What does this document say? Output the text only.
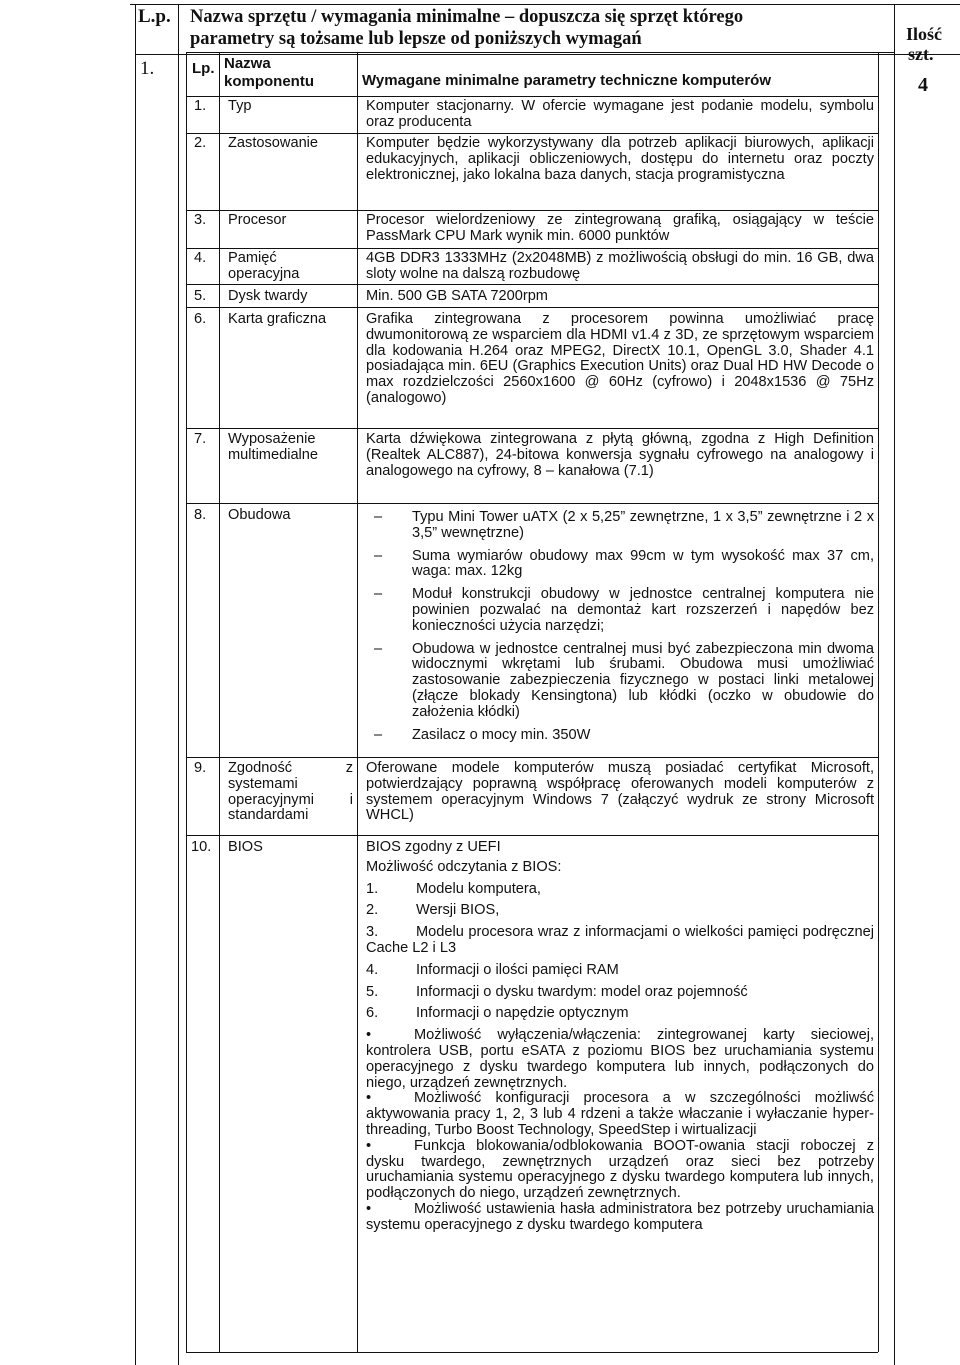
L.p. Nazwa sprzętu / wymagania minimalne – dopuszcza się sprzęt którego parametry są tożsame lub lepsze od poniższych wymagań	Ilość
szt.
1.
4
Lp. Nazwa komponentu	Wymagane minimalne parametry techniczne komputerów
1. Typ	Komputer stacjonarny. W ofercie wymagane jest podanie modelu, symbolu oraz producenta
2. Zastosowanie	Komputer będzie wykorzystywany dla potrzeb aplikacji biurowych, aplikacji edukacyjnych, aplikacji obliczeniowych, dostępu do internetu oraz poczty elektronicznej, jako lokalna baza danych, stacja programistyczna
3. Procesor	Procesor wielordzeniowy ze zintegrowaną grafiką, osiągający w teście PassMark CPU Mark wynik min. 6000 punktów
4. Pamięć operacyjna
4GB DDR3 1333MHz (2x2048MB) z możliwością obsługi do min. 16 GB, dwa sloty wolne na dalszą rozbudowę
5. Dysk twardy	Min. 500 GB SATA 7200rpm
6. Karta graficzna	Grafika zintegrowana z procesorem powinna umożliwiać pracę dwumonitorową ze wsparciem dla HDMI v1.4 z 3D, ze sprzętowym wsparciem dla kodowania H.264 oraz MPEG2, DirectX 10.1, OpenGL 3.0, Shader 4.1 posiadająca min. 6EU (Graphics Execution Units) oraz Dual HD HW Decode o max rozdzielczości 2560x1600 @ 60Hz (cyfrowo) i 2048x1536 @ 75Hz (analogowo)
7. Wyposażenie multimedialne
Karta dźwiękowa zintegrowana z płytą główną, zgodna z High Definition (Realtek ALC887), 24-bitowa konwersja sygnału cyfrowego na analogowy i analogowego na cyfrowy, 8 – kanałowa (7.1)
8. Obudowa
–	Typu Mini Tower uATX (2 x 5,25” zewnętrzne, 1 x 3,5” zewnętrzne i 2 x 3,5” wewnętrzne)
– Suma wymiarów obudowy max 99cm w tym wysokość max 37 cm, waga: max. 12kg
– Moduł konstrukcji obudowy w jednostce centralnej komputera nie powinien pozwalać na demontaż kart rozszerzeń i napędów bez konieczności użycia narzędzi;
– Obudowa w jednostce centralnej musi być zabezpieczona min dwoma widocznymi wkrętami lub śrubami. Obudowa musi umożliwiać zastosowanie zabezpieczenia fizycznego w postaci linki metalowej (złącze blokady Kensingtona) lub kłódki (oczko w obudowie do założenia kłódki)
– Zasilacz o mocy min. 350W
9. Zgodność z systemami operacyjnymi i standardami
Oferowane modele komputerów muszą posiadać certyfikat Microsoft, potwierdzający poprawną współpracę oferowanych modeli komputerów z systemem operacyjnym Windows 7 (załączyć wydruk ze strony Microsoft WHCL)
10. BIOS	BIOS zgodny z UEFI

Możliwość odczytania z BIOS:

1.	Modelu komputera,
2.	Wersji BIOS,
3.	Modelu procesora wraz z informacjami o wielkości pamięci podręcznej Cache L2 i L3
4.	Informacji o ilości pamięci RAM
5.	Informacji o dysku twardym: model oraz pojemność
6.	Informacji o napędzie optycznym

•	Możliwość wyłączenia/włączenia: zintegrowanej karty sieciowej, kontrolera USB, portu eSATA z poziomu BIOS bez uruchamiania systemu operacyjnego z dysku twardego komputera lub innych, podłączonych do niego, urządzeń zewnętrznych.

•	Możliwość konfiguracji procesora a w szczególności możliwść aktywowania pracy 1, 2, 3 lub 4 rdzeni a także właczanie i wyłaczanie hyper-threading, Turbo Boost Technology, SpeedStep i wirtualizacji

•	Funkcja blokowania/odblokowania BOOT-owania stacji roboczej z dysku twardego, zewnętrznych urządzeń oraz sieci bez potrzeby uruchamiania systemu operacyjnego z dysku twardego komputera lub innych, podłączonych do niego, urządzeń zewnętrznych.

•	Możliwość ustawienia hasła administratora bez potrzeby uruchamiania systemu operacyjnego z dysku twardego komputera
